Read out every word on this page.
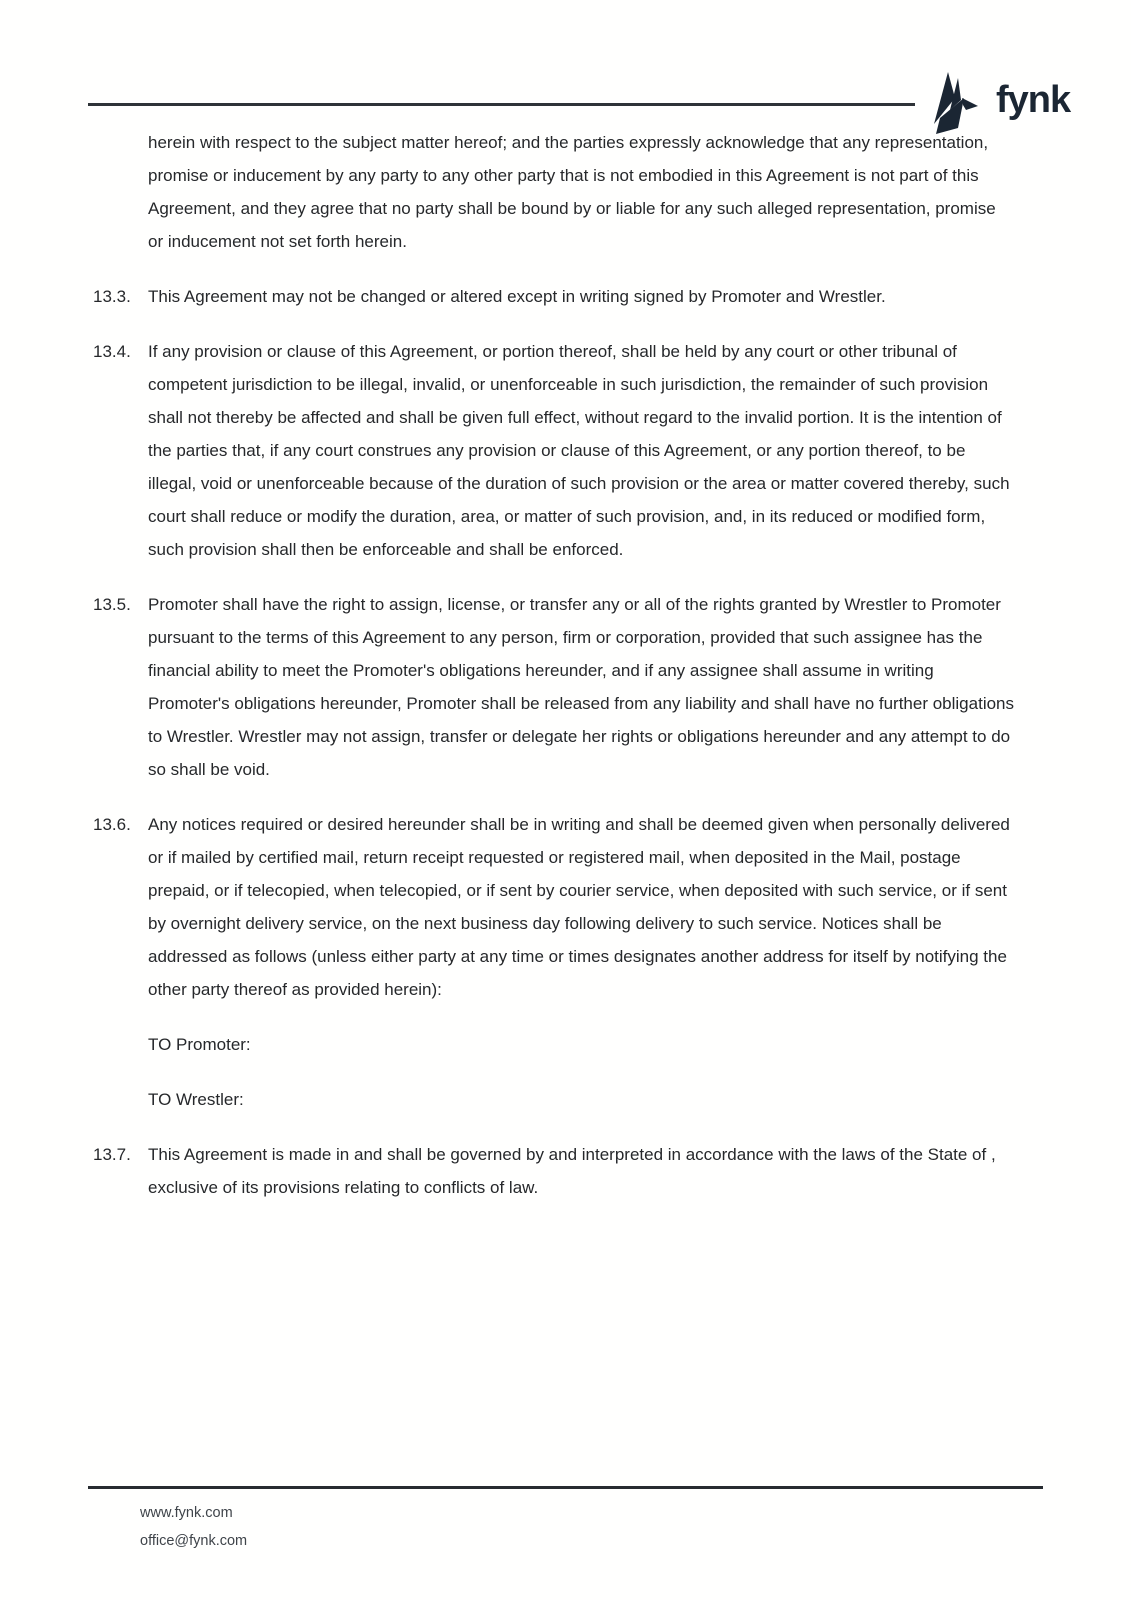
fynk

herein with respect to the subject matter hereof; and the parties expressly acknowledge that any representation, promise or inducement by any party to any other party that is not embodied in this Agreement is not part of this Agreement, and they agree that no party shall be bound by or liable for any such alleged representation, promise or inducement not set forth herein.

13.3.	This Agreement may not be changed or altered except in writing signed by Promoter and Wrestler.
13.4.	If any provision or clause of this Agreement, or portion thereof, shall be held by any court or other tribunal of competent jurisdiction to be illegal, invalid, or unenforceable in such jurisdiction, the remainder of such provision shall not thereby be affected and shall be given full effect, without regard to the invalid portion. It is the intention of the parties that, if any court construes any provision or clause of this Agreement, or any portion thereof, to be illegal, void or unenforceable because of the duration of such provision or the area or matter covered thereby, such court shall reduce or modify the duration, area, or matter of such provision, and, in its reduced or modified form, such provision shall then be enforceable and shall be enforced.
13.5.	Promoter shall have the right to assign, license, or transfer any or all of the rights granted by Wrestler to Promoter pursuant to the terms of this Agreement to any person, firm or corporation, provided that such assignee has the financial ability to meet the Promoter's obligations hereunder, and if any assignee shall assume in writing Promoter's obligations hereunder, Promoter shall be released from any liability and shall have no further obligations to Wrestler. Wrestler may not assign, transfer or delegate her rights or obligations hereunder and any attempt to do so shall be void.
13.6.	Any notices required or desired hereunder shall be in writing and shall be deemed given when personally delivered or if mailed by certified mail, return receipt requested or registered mail, when deposited in the Mail, postage prepaid, or if telecopied, when telecopied, or if sent by courier service, when deposited with such service, or if sent by overnight delivery service, on the next business day following delivery to such service. Notices shall be addressed as follows (unless either party at any time or times designates another address for itself by notifying the other party thereof as provided herein):

TO Promoter:

TO Wrestler:

13.7.	This Agreement is made in and shall be governed by and interpreted in accordance with the laws of the State of , exclusive of its provisions relating to conflicts of law.
www.fynk.com
office@fynk.com
